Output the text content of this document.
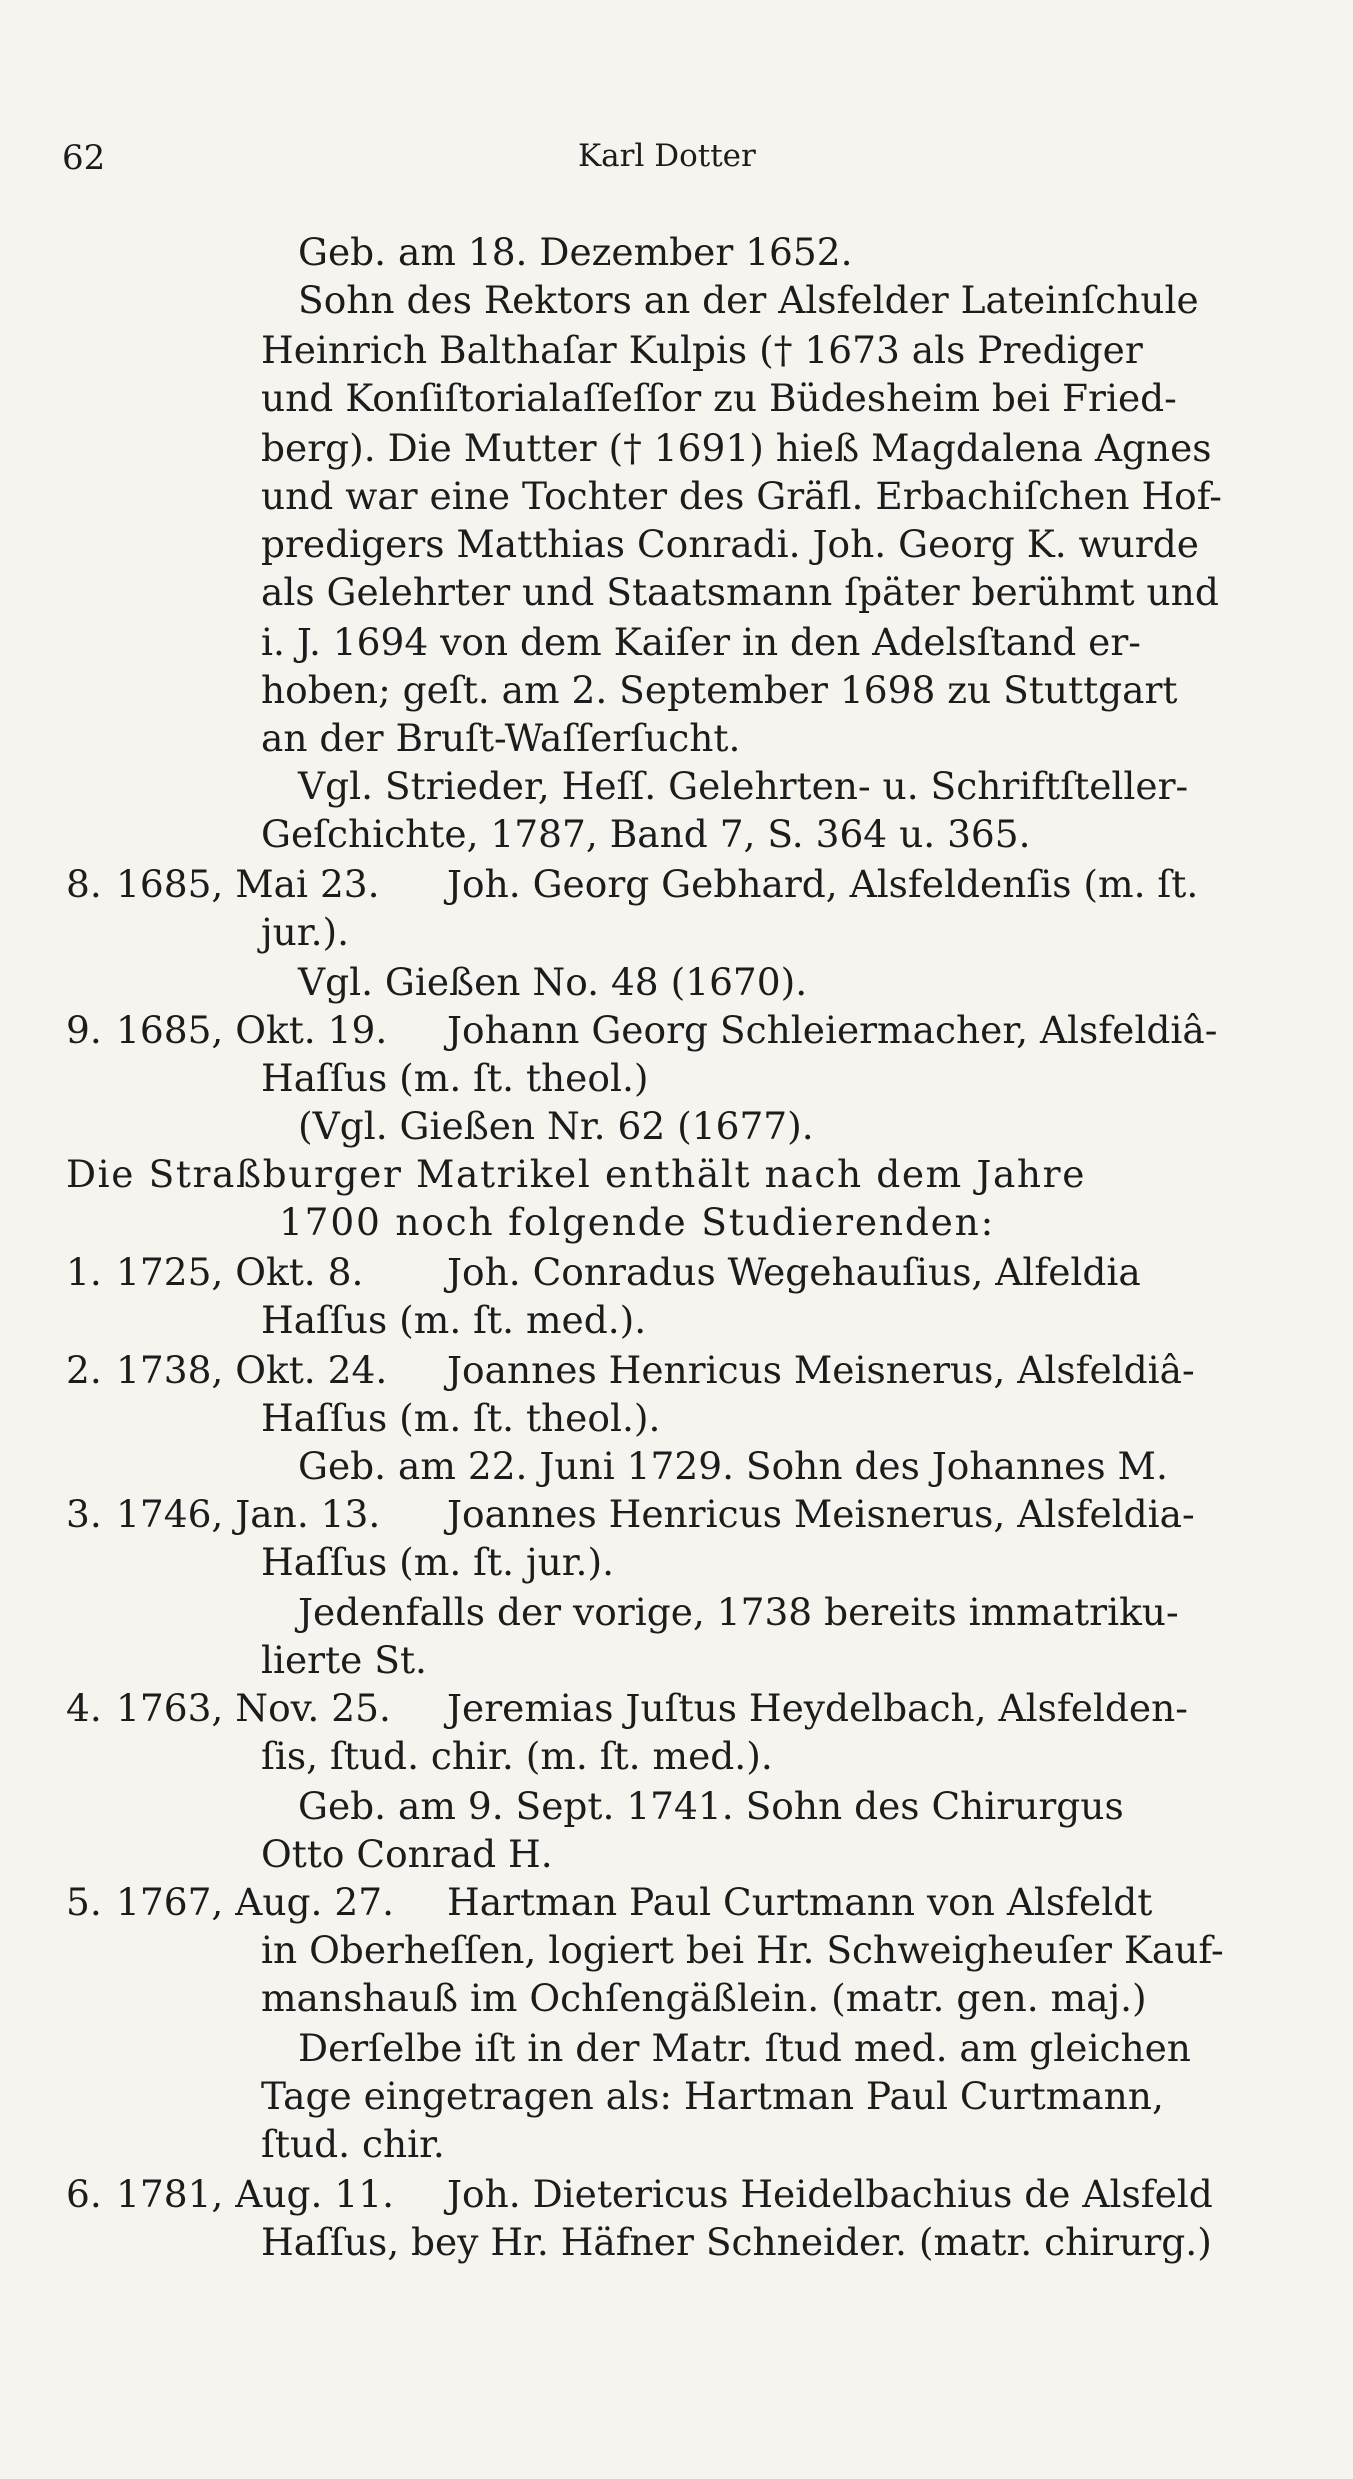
62	Karl Dotter
Geb. am 18. Dezember 1652.
Sohn des Rektors an der Alsfelder Lateinſchule
Heinrich Balthaſar Kulpis († 1673 als Prediger
und Konſiſtorialaſſeſſor zu Büdesheim bei Fried-
berg). Die Mutter († 1691) hieß Magdalena Agnes
und war eine Tochter des Gräfl. Erbachiſchen Hof-
predigers Matthias Conradi. Joh. Georg K. wurde
als Gelehrter und Staatsmann ſpäter berühmt und
i. J. 1694 von dem Kaiſer in den Adelsſtand er-
hoben; geſt. am 2. September 1698 zu Stuttgart
an der Bruſt-Waſſerſucht.
Vgl. Strieder, Heſſ. Gelehrten- u. Schriftſteller-
Geſchichte, 1787, Band 7, S. 364 u. 365.
8. 1685, Mai 23. Joh. Georg Gebhard, Alsfeldenſis (m. ſt.
jur.).
Vgl. Gießen No. 48 (1670).
9. 1685, Okt. 19. Johann Georg Schleiermacher, Alsfeldiâ-
Haſſus (m. ſt. theol.)
(Vgl. Gießen Nr. 62 (1677).
Die Straßburger Matrikel enthält nach dem Jahre
1700 noch folgende Studierenden:
1. 1725, Okt. 8. Joh. Conradus Wegehauſius, Alfeldia
Haſſus (m. ſt. med.).
2. 1738, Okt. 24. Joannes Henricus Meisnerus, Alsfeldiâ-
Haſſus (m. ſt. theol.).
Geb. am 22. Juni 1729. Sohn des Johannes M.
3. 1746, Jan. 13. Joannes Henricus Meisnerus, Alsfeldia-
Haſſus (m. ſt. jur.).
Jedenfalls der vorige, 1738 bereits immatriku-
lierte St.
4. 1763, Nov. 25. Jeremias Juſtus Heydelbach, Alsfelden-
ſis, ſtud. chir. (m. ſt. med.).
Geb. am 9. Sept. 1741. Sohn des Chirurgus
Otto Conrad H.
5. 1767, Aug. 27. Hartman Paul Curtmann von Alsfeldt
in Oberheſſen, logiert bei Hr. Schweigheuſer Kauf-
manshauß im Ochſengäßlein. (matr. gen. maj.)
Derſelbe iſt in der Matr. ſtud med. am gleichen
Tage eingetragen als: Hartman Paul Curtmann,
ſtud. chir.
6. 1781, Aug. 11. Joh. Dietericus Heidelbachius de Alsfeld
Haſſus, bey Hr. Häfner Schneider. (matr. chirurg.)
